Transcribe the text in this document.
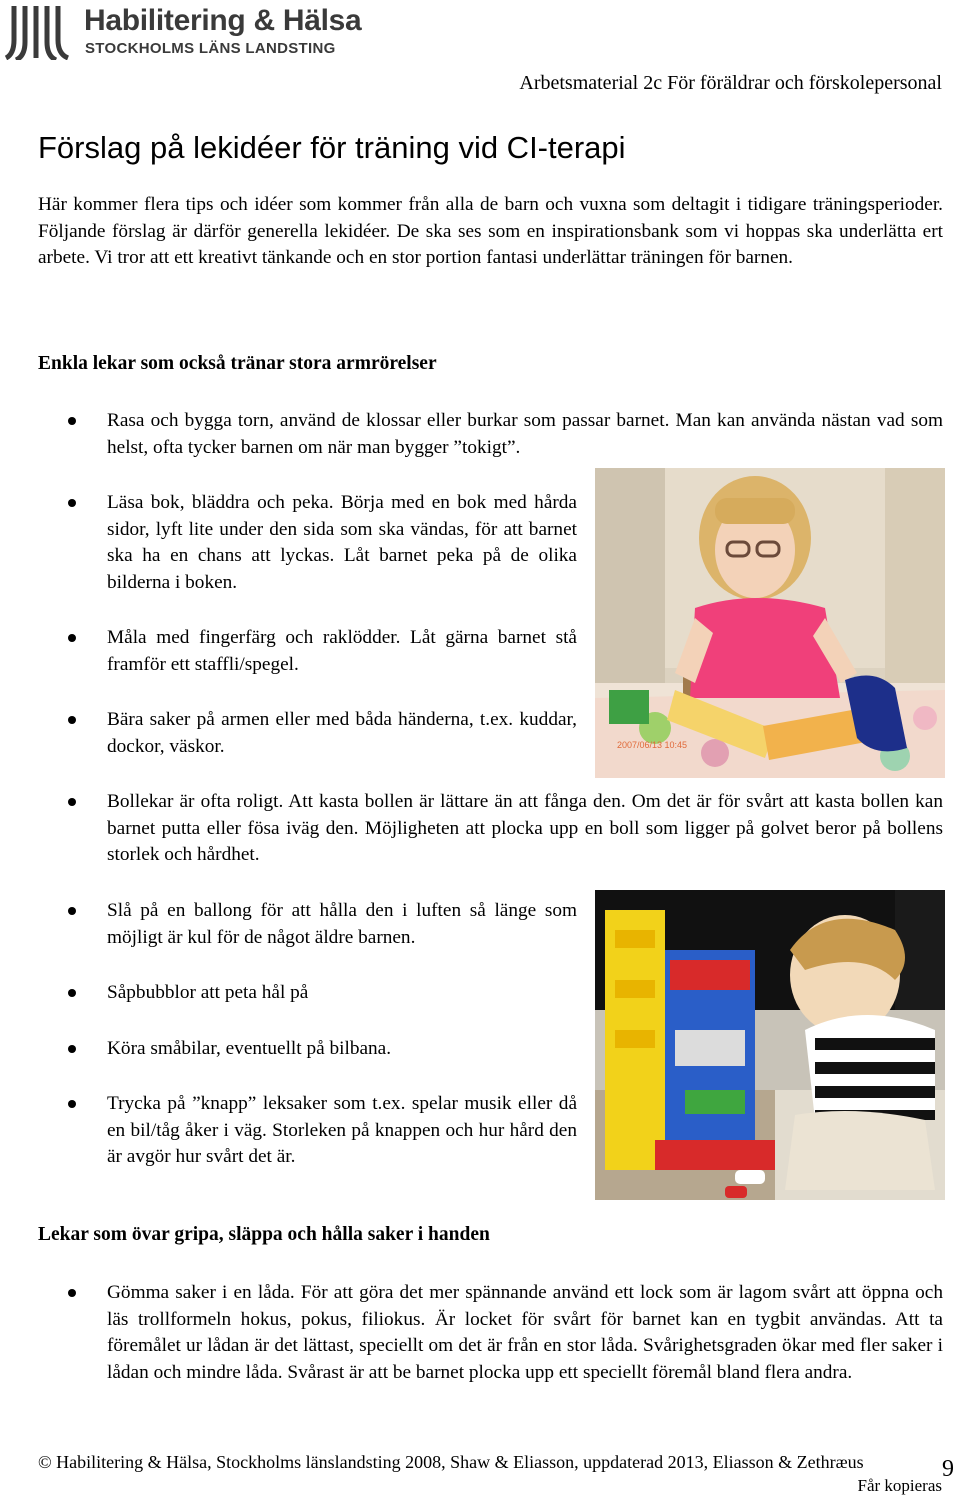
Habilitering & Hälsa
STOCKHOLMS LÄNS LANDSTING
Arbetsmaterial 2c För föräldrar och förskolepersonal
Förslag på lekidéer för träning vid CI-terapi
Här kommer flera tips och idéer som kommer från alla de barn och vuxna som deltagit i tidigare träningsperioder. Följande förslag är därför generella lekidéer. De ska ses som en inspirationsbank som vi hoppas ska underlätta ert arbete. Vi tror att ett kreativt tänkande och en stor portion fantasi underlättar träningen för barnen.
Enkla lekar som också tränar stora armrörelser
Rasa och bygga torn, använd de klossar eller burkar som passar barnet. Man kan använda nästan vad som helst, ofta tycker barnen om när man bygger ”tokigt”.
Läsa bok, bläddra och peka. Börja med en bok med hårda sidor, lyft lite under den sida som ska vändas, för att barnet ska ha en chans att lyckas. Låt barnet peka på de olika bilderna i boken.
Måla med fingerfärg och raklödder. Låt gärna barnet stå framför ett staffli/spegel.
Bära saker på armen eller med båda händerna, t.ex. kuddar, dockor, väskor.
Bollekar är ofta roligt. Att kasta bollen är lättare än att fånga den. Om det är för svårt att kasta bollen kan barnet putta eller fösa iväg den. Möjligheten att plocka upp en boll som ligger på golvet beror på bollens storlek och hårdhet.
Slå på en ballong för att hålla den i luften så länge som möjligt är kul för de något äldre barnen.
Såpbubblor att peta hål på
Köra småbilar, eventuellt på bilbana.
Trycka på ”knapp” leksaker som t.ex. spelar musik eller då en bil/tåg åker i väg. Storleken på knappen och hur hård den är avgör hur svårt det är.
Lekar som övar gripa, släppa och hålla saker i handen
Gömma saker i en låda. För att göra det mer spännande använd ett lock som är lagom svårt att öppna och läs trollformeln hokus, pokus, filiokus. Är locket för svårt för barnet kan en tygbit användas. Att ta föremålet ur lådan är det lättast, speciellt om det är från en stor låda. Svårighetsgraden ökar med fler saker i lådan och mindre låda. Svårast är att be barnet plocka upp ett speciellt föremål bland flera andra.
2007/06/13 10:45
© Habilitering & Hälsa, Stockholms länslandsting 2008, Shaw & Eliasson, uppdaterad 2013, Eliasson & Zethræus	9
Får kopieras
